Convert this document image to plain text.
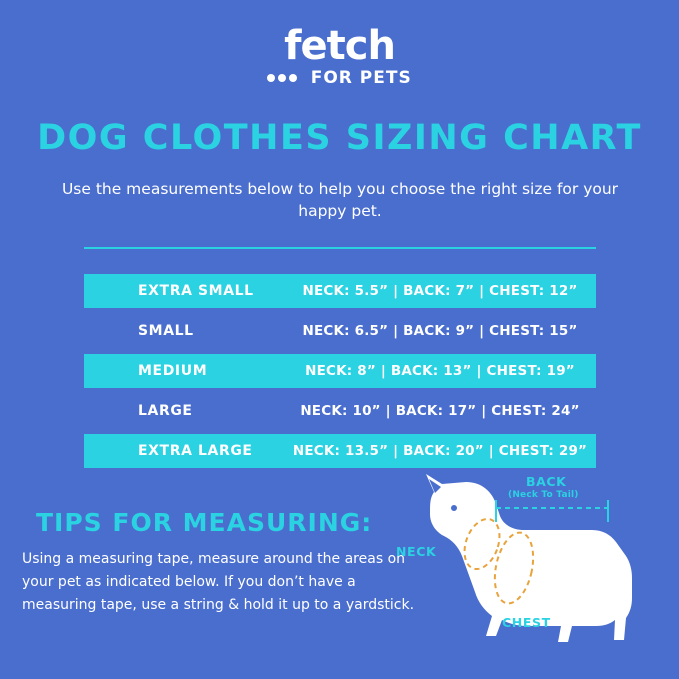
fetch
FOR PETS
DOG CLOTHES SIZING CHART
Use the measurements below to help you choose the right size for your happy pet.
EXTRA SMALL	NECK: 5.5” | BACK: 7” | CHEST: 12”
SMALL	NECK: 6.5” | BACK: 9” | CHEST: 15”
MEDIUM	NECK: 8” | BACK: 13” | CHEST: 19”
LARGE	NECK: 10” | BACK: 17” | CHEST: 24”
EXTRA LARGE	NECK: 13.5” | BACK: 20” | CHEST: 29”
TIPS FOR MEASURING:
Using a measuring tape, measure around the areas on your pet as indicated below. If you don’t have a measuring tape, use a string & hold it up to a yardstick.
BACK
(Neck To Tail)
NECK
CHEST
